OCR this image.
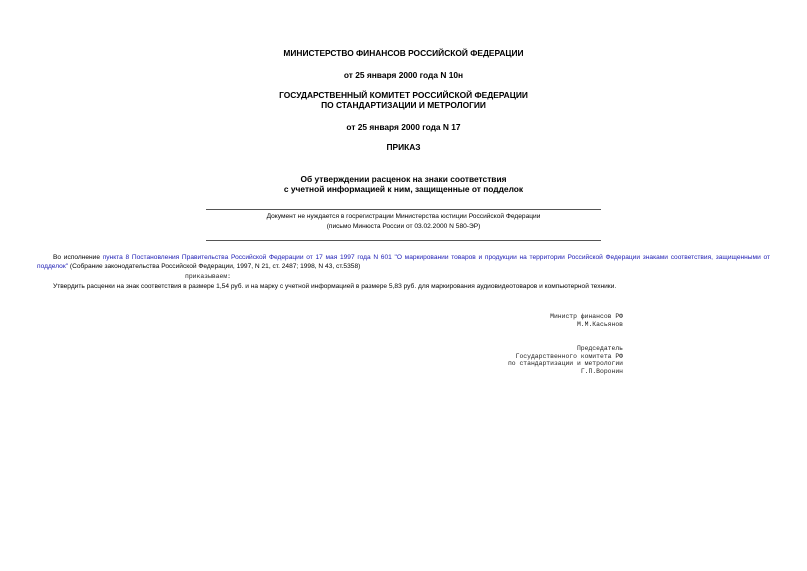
МИНИСТЕРСТВО ФИНАНСОВ РОССИЙСКОЙ ФЕДЕРАЦИИ
от 25 января 2000 года N 10н
ГОСУДАРСТВЕННЫЙ КОМИТЕТ РОССИЙСКОЙ ФЕДЕРАЦИИ
ПО СТАНДАРТИЗАЦИИ И МЕТРОЛОГИИ
от 25 января 2000 года N 17
ПРИКАЗ
Об утверждении расценок на знаки соответствия
с учетной информацией к ним, защищенные от подделок
Документ не нуждается в госрегистрации Министерства юстиции Российской Федерации
(письмо Минюста России от 03.02.2000 N 580-ЭР)
Во исполнение пункта 8 Постановления Правительства Российской Федерации от 17 мая 1997 года N 601 "О маркировании товаров и продукции на территории Российской Федерации знаками соответствия, защищенными от подделок" (Собрание законодательства Российской Федерации, 1997, N 21, ст. 2487; 1998, N 43, ст.5358)
приказываем:
Утвердить расценки на знак соответствия в размере 1,54 руб. и на марку с учетной информацией в размере 5,83 руб. для маркирования аудиовидеотоваров и компьютерной техники.
Министр финансов РФ
М.М.Касьянов
Председатель
Государственного комитета РФ
по стандартизации и метрологии
Г.П.Воронин
